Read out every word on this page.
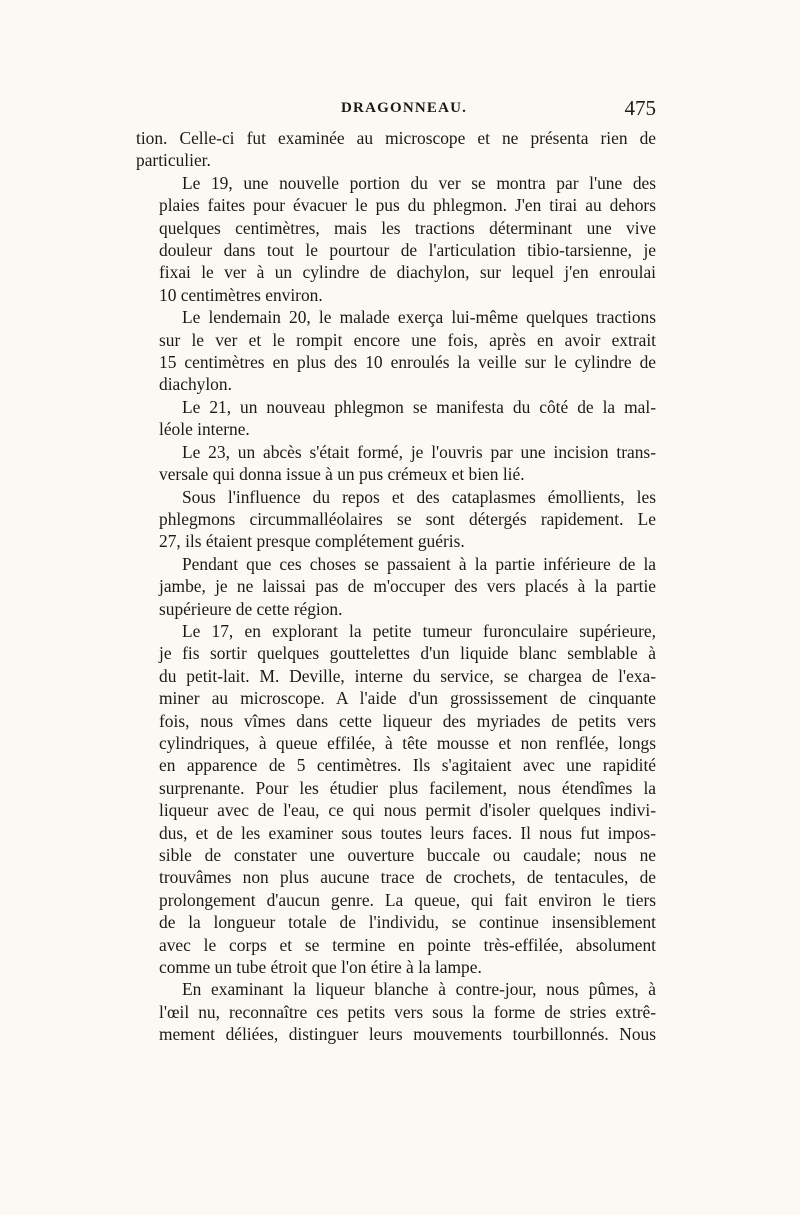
DRAGONNEAU.	475
tion. Celle-ci fut examinée au microscope et ne présenta rien de
particulier.
Le 19, une nouvelle portion du ver se montra par l'une des
plaies faites pour évacuer le pus du phlegmon. J'en tirai au dehors
quelques centimètres, mais les tractions déterminant une vive
douleur dans tout le pourtour de l'articulation tibio-tarsienne, je
fixai le ver à un cylindre de diachylon, sur lequel j'en enroulai
10 centimètres environ.
Le lendemain 20, le malade exerça lui-même quelques tractions
sur le ver et le rompit encore une fois, après en avoir extrait
15 centimètres en plus des 10 enroulés la veille sur le cylindre de
diachylon.
Le 21, un nouveau phlegmon se manifesta du côté de la mal-
léole interne.
Le 23, un abcès s'était formé, je l'ouvris par une incision trans-
versale qui donna issue à un pus crémeux et bien lié.
Sous l'influence du repos et des cataplasmes émollients, les
phlegmons circummalléolaires se sont détergés rapidement. Le
27, ils étaient presque complétement guéris.
Pendant que ces choses se passaient à la partie inférieure de la
jambe, je ne laissai pas de m'occuper des vers placés à la partie
supérieure de cette région.
Le 17, en explorant la petite tumeur furonculaire supérieure,
je fis sortir quelques gouttelettes d'un liquide blanc semblable à
du petit-lait. M. Deville, interne du service, se chargea de l'exa-
miner au microscope. A l'aide d'un grossissement de cinquante
fois, nous vîmes dans cette liqueur des myriades de petits vers
cylindriques, à queue effilée, à tête mousse et non renflée, longs
en apparence de 5 centimètres. Ils s'agitaient avec une rapidité
surprenante. Pour les étudier plus facilement, nous étendîmes la
liqueur avec de l'eau, ce qui nous permit d'isoler quelques indivi-
dus, et de les examiner sous toutes leurs faces. Il nous fut impos-
sible de constater une ouverture buccale ou caudale; nous ne
trouvâmes non plus aucune trace de crochets, de tentacules, de
prolongement d'aucun genre. La queue, qui fait environ le tiers
de la longueur totale de l'individu, se continue insensiblement
avec le corps et se termine en pointe très-effilée, absolument
comme un tube étroit que l'on étire à la lampe.
En examinant la liqueur blanche à contre-jour, nous pûmes, à
l'œil nu, reconnaître ces petits vers sous la forme de stries extrê-
mement déliées, distinguer leurs mouvements tourbillonnés. Nous
